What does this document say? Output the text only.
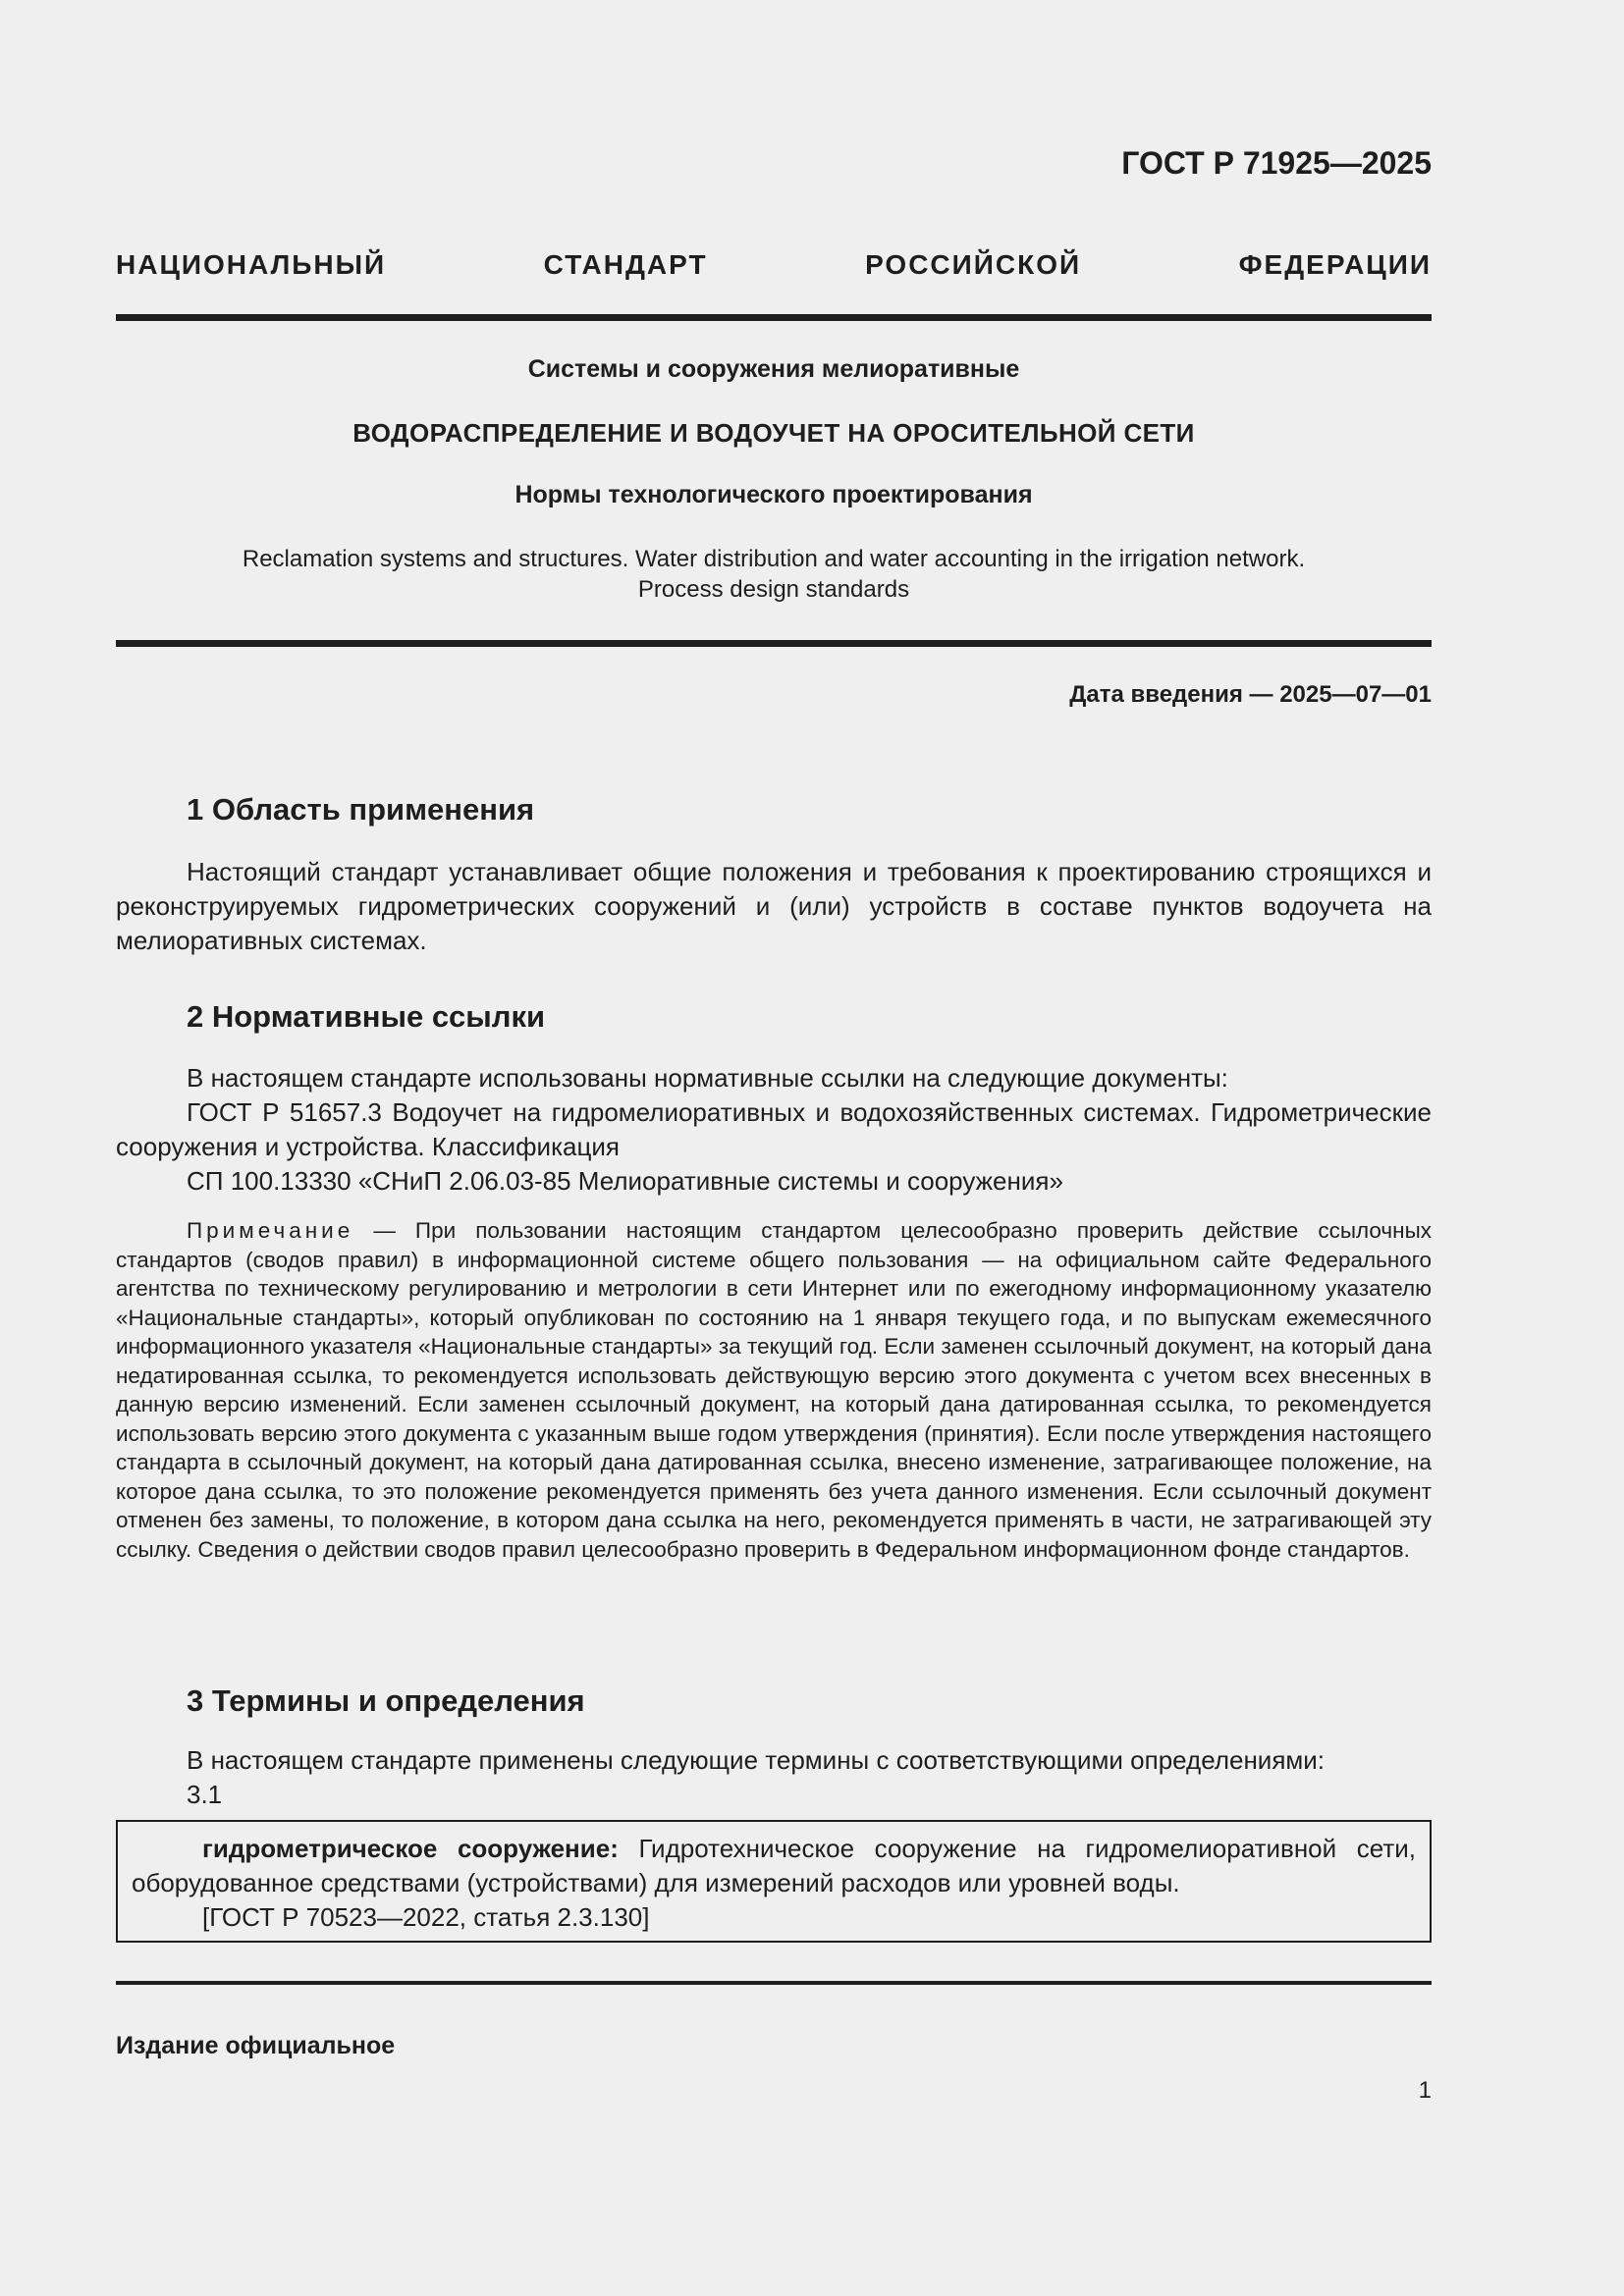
ГОСТ Р 71925—2025

НАЦИОНАЛЬНЫЙ СТАНДАРТ РОССИЙСКОЙ ФЕДЕРАЦИИ

Системы и сооружения мелиоративные

ВОДОРАСПРЕДЕЛЕНИЕ И ВОДОУЧЕТ НА ОРОСИТЕЛЬНОЙ СЕТИ

Нормы технологического проектирования

Reclamation systems and structures. Water distribution and water accounting in the irrigation network.
Process design standards

Дата введения — 2025—07—01

1 Область применения

Настоящий стандарт устанавливает общие положения и требования к проектированию строящихся и реконструируемых гидрометрических сооружений и (или) устройств в составе пунктов водоучета на мелиоративных системах.

2 Нормативные ссылки

В настоящем стандарте использованы нормативные ссылки на следующие документы:

ГОСТ Р 51657.3 Водоучет на гидромелиоративных и водохозяйственных системах. Гидрометрические сооружения и устройства. Классификация

СП 100.13330 «СНиП 2.06.03-85 Мелиоративные системы и сооружения»

Примечание — При пользовании настоящим стандартом целесообразно проверить действие ссылочных стандартов (сводов правил) в информационной системе общего пользования — на официальном сайте Федерального агентства по техническому регулированию и метрологии в сети Интернет или по ежегодному информационному указателю «Национальные стандарты», который опубликован по состоянию на 1 января текущего года, и по выпускам ежемесячного информационного указателя «Национальные стандарты» за текущий год. Если заменен ссылочный документ, на который дана недатированная ссылка, то рекомендуется использовать действующую версию этого документа с учетом всех внесенных в данную версию изменений. Если заменен ссылочный документ, на который дана датированная ссылка, то рекомендуется использовать версию этого документа с указанным выше годом утверждения (принятия). Если после утверждения настоящего стандарта в ссылочный документ, на который дана датированная ссылка, внесено изменение, затрагивающее положение, на которое дана ссылка, то это положение рекомендуется применять без учета данного изменения. Если ссылочный документ отменен без замены, то положение, в котором дана ссылка на него, рекомендуется применять в части, не затрагивающей эту ссылку. Сведения о действии сводов правил целесообразно проверить в Федеральном информационном фонде стандартов.

3 Термины и определения

В настоящем стандарте применены следующие термины с соответствующими определениями:

3.1

гидрометрическое сооружение: Гидротехническое сооружение на гидромелиоративной сети, оборудованное средствами (устройствами) для измерений расходов или уровней воды.

[ГОСТ Р 70523—2022, статья 2.3.130]

Издание официальное

1
